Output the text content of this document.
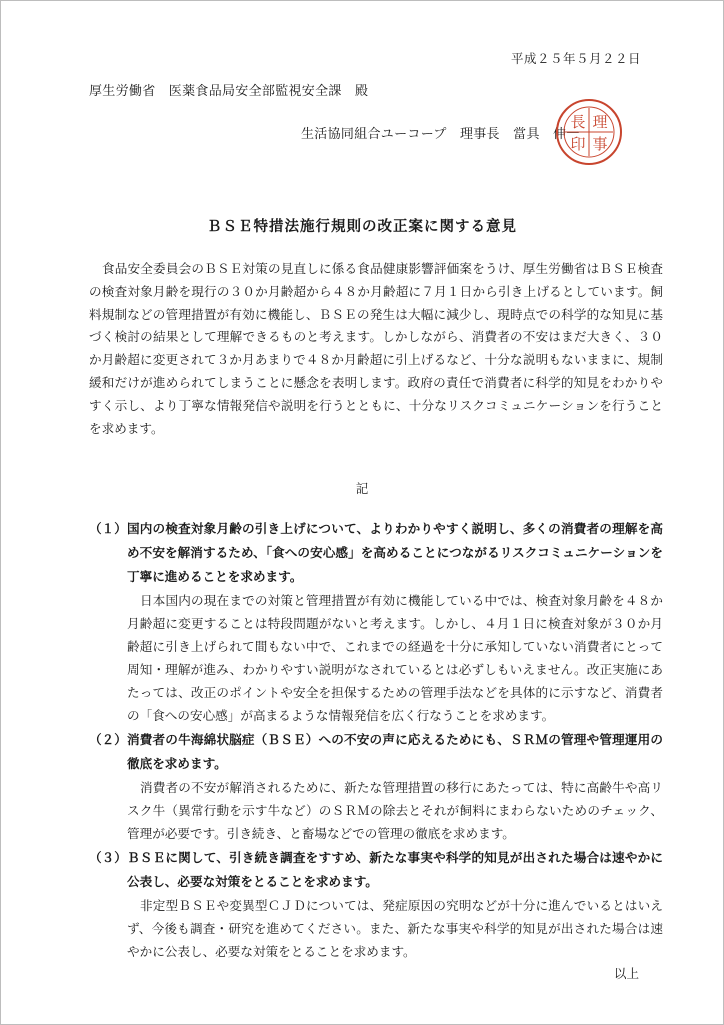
平成２５年５月２２日
厚生労働省　医薬食品局安全部監視安全課　殿
生活協同組合ユーコープ　理事長　當具　伸一
理
事
長
印
ＢＳＥ特措法施行規則の改正案に関する意見

食品安全委員会のＢＳＥ対策の見直しに係る食品健康影響評価案をうけ、厚生労働省はＢＳＥ検査の検査対象月齢を現行の３０か月齢超から４８か月齢超に７月１日から引き上げるとしています。飼料規制などの管理措置が有効に機能し、ＢＳＥの発生は大幅に減少し、現時点での科学的な知見に基づく検討の結果として理解できるものと考えます。しかしながら、消費者の不安はまだ大きく、３０か月齢超に変更されて３か月あまりで４８か月齢超に引上げるなど、十分な説明もないままに、規制緩和だけが進められてしまうことに懸念を表明します。政府の責任で消費者に科学的知見をわかりやすく示し、より丁寧な情報発信や説明を行うとともに、十分なリスクコミュニケーションを行うことを求めます。

記
（１） 国内の検査対象月齢の引き上げについて、よりわかりやすく説明し、多くの消費者の理解を高め不安を解消するため、「食への安心感」を高めることにつながるリスクコミュニケーションを丁寧に進めることを求めます。

日本国内の現在までの対策と管理措置が有効に機能している中では、検査対象月齢を４８か月齢超に変更することは特段問題がないと考えます。しかし、４月１日に検査対象が３０か月齢超に引き上げられて間もない中で、これまでの経過を十分に承知していない消費者にとって周知・理解が進み、わかりやすい説明がなされているとは必ずしもいえません。改正実施にあたっては、改正のポイントや安全を担保するための管理手法などを具体的に示すなど、消費者の「食への安心感」が高まるような情報発信を広く行なうことを求めます。

（２） 消費者の牛海綿状脳症（ＢＳＥ）への不安の声に応えるためにも、ＳＲＭの管理や管理運用の徹底を求めます。

消費者の不安が解消されるために、新たな管理措置の移行にあたっては、特に高齢牛や高リスク牛（異常行動を示す牛など）のＳＲＭの除去とそれが飼料にまわらないためのチェック、管理が必要です。引き続き、と畜場などでの管理の徹底を求めます。

（３） ＢＳＥに関して、引き続き調査をすすめ、新たな事実や科学的知見が出された場合は速やかに公表し、必要な対策をとることを求めます。

非定型ＢＳＥや変異型ＣＪＤについては、発症原因の究明などが十分に進んでいるとはいえず、今後も調査・研究を進めてください。また、新たな事実や科学的知見が出された場合は速やかに公表し、必要な対策をとることを求めます。

以上
